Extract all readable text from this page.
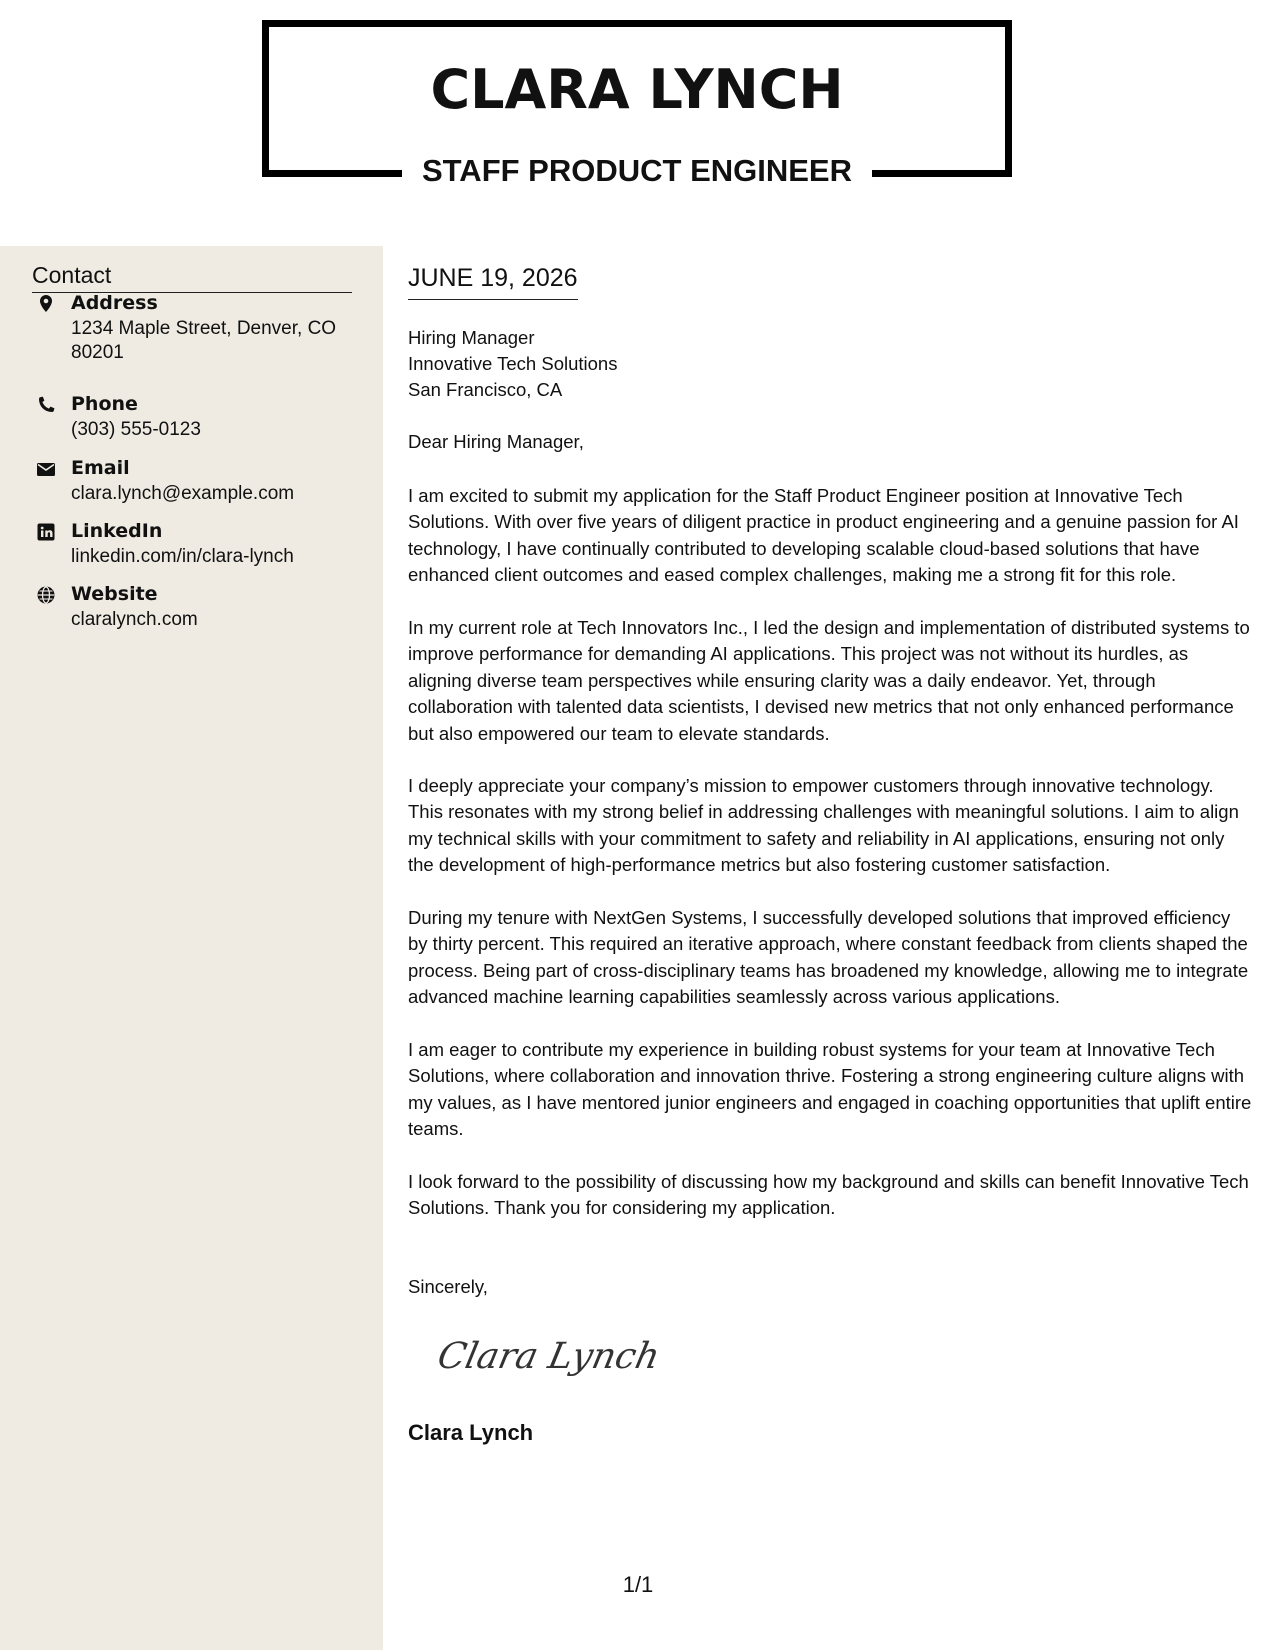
CLARA LYNCH
STAFF PRODUCT ENGINEER
Contact
Address
1234 Maple Street, Denver, CO 80201
Phone
(303) 555-0123
Email
clara.lynch@example.com
LinkedIn
linkedin.com/in/clara-lynch
Website
claralynch.com
JUNE 19, 2026
Hiring Manager
Innovative Tech Solutions
San Francisco, CA
Dear Hiring Manager,
I am excited to submit my application for the Staff Product Engineer position at Innovative Tech Solutions. With over five years of diligent practice in product engineering and a genuine passion for AI technology, I have continually contributed to developing scalable cloud-based solutions that have enhanced client outcomes and eased complex challenges, making me a strong fit for this role.
In my current role at Tech Innovators Inc., I led the design and implementation of distributed systems to improve performance for demanding AI applications. This project was not without its hurdles, as aligning diverse team perspectives while ensuring clarity was a daily endeavor. Yet, through collaboration with talented data scientists, I devised new metrics that not only enhanced performance but also empowered our team to elevate standards.
I deeply appreciate your company’s mission to empower customers through innovative technology. This resonates with my strong belief in addressing challenges with meaningful solutions. I aim to align my technical skills with your commitment to safety and reliability in AI applications, ensuring not only the development of high-performance metrics but also fostering customer satisfaction.
During my tenure with NextGen Systems, I successfully developed solutions that improved efficiency by thirty percent. This required an iterative approach, where constant feedback from clients shaped the process. Being part of cross-disciplinary teams has broadened my knowledge, allowing me to integrate advanced machine learning capabilities seamlessly across various applications.
I am eager to contribute my experience in building robust systems for your team at Innovative Tech Solutions, where collaboration and innovation thrive. Fostering a strong engineering culture aligns with my values, as I have mentored junior engineers and engaged in coaching opportunities that uplift entire teams.
I look forward to the possibility of discussing how my background and skills can benefit Innovative Tech Solutions. Thank you for considering my application.
Sincerely,
Clara Lynch
Clara Lynch
1/1
